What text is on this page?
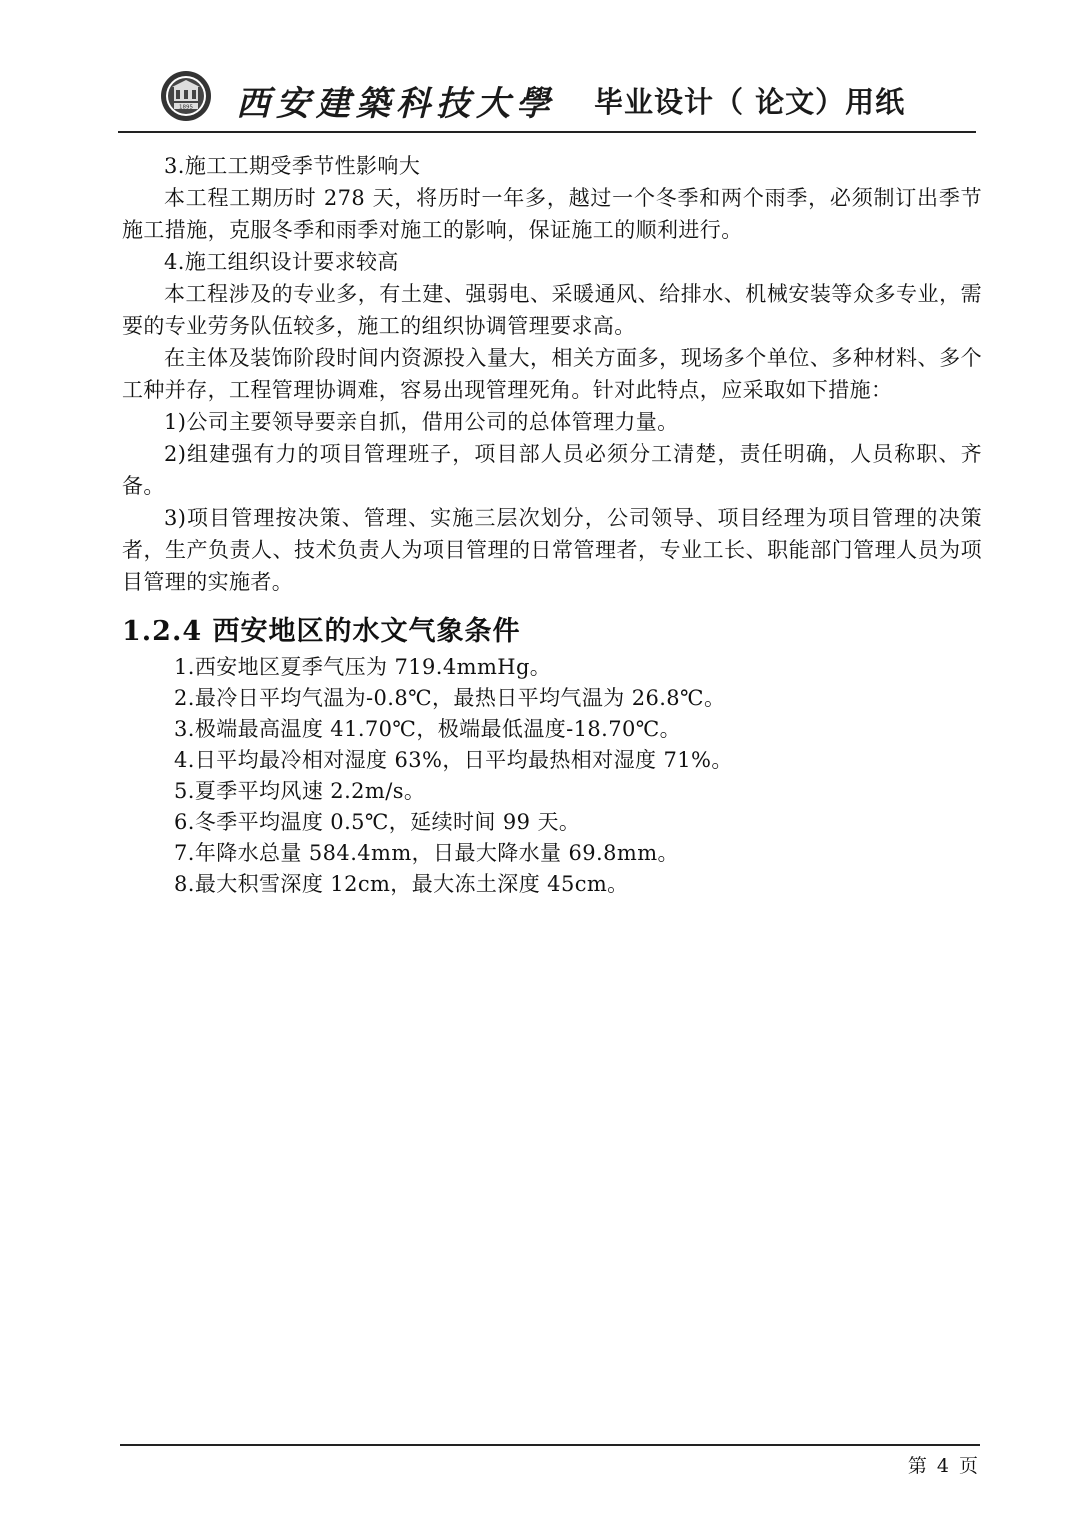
1895 西安建築科技大學 毕业设计（ 论文）用纸

3.施工工期受季节性影响大

本工程工期历时 278 天，将历时一年多，越过一个冬季和两个雨季，必须制订出季节施工措施，克服冬季和雨季对施工的影响，保证施工的顺利进行。

4.施工组织设计要求较高

本工程涉及的专业多，有土建、强弱电、采暖通风、给排水、机械安装等众多专业，需要的专业劳务队伍较多，施工的组织协调管理要求高。

在主体及装饰阶段时间内资源投入量大，相关方面多，现场多个单位、多种材料、多个工种并存，工程管理协调难，容易出现管理死角。针对此特点，应采取如下措施：

1)公司主要领导要亲自抓，借用公司的总体管理力量。

2)组建强有力的项目管理班子，项目部人员必须分工清楚，责任明确，人员称职、齐备。

3)项目管理按决策、管理、实施三层次划分，公司领导、项目经理为项目管理的决策者，生产负责人、技术负责人为项目管理的日常管理者，专业工长、职能部门管理人员为项目管理的实施者。

1.2.4 西安地区的水文气象条件
1.西安地区夏季气压为 719.4mmHg。
2.最冷日平均气温为-0.8℃，最热日平均气温为 26.8℃。
3.极端最高温度 41.70℃，极端最低温度-18.70℃。
4.日平均最冷相对湿度 63%，日平均最热相对湿度 71%。
5.夏季平均风速 2.2m/s。
6.冬季平均温度 0.5℃，延续时间 99 天。
7.年降水总量 584.4mm，日最大降水量 69.8mm。
8.最大积雪深度 12cm，最大冻土深度 45cm。
第 4 页
